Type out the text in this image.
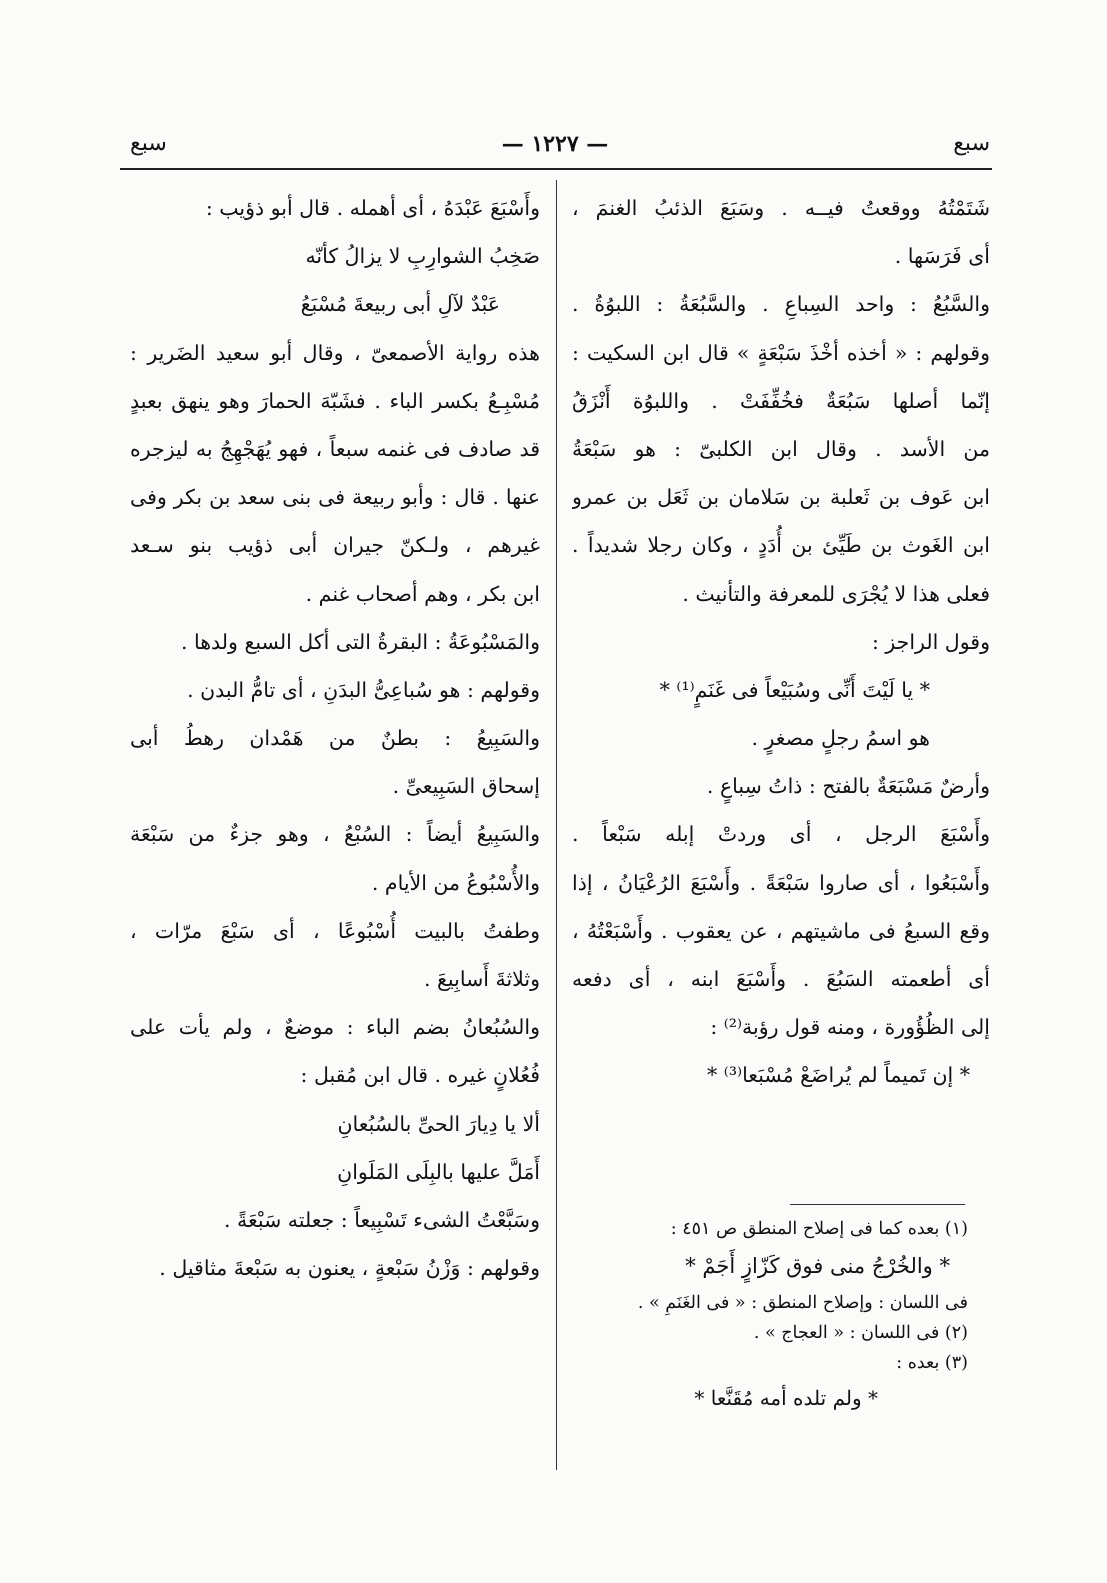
سبع
— ١٢٢٧ —
سبع
شَتَمْتُهُ ووقعتُ فيــه . وسَبَعَ الذئبُ الغنمَ ،
أى فَرَسَها .
والسَّبُعُ : واحد السِباعِ . والسَّبُعَةُ : اللبوُةُ .
وقولهم : « أخذه أخْذَ سَبْعَةٍ » قال ابن السكيت :
إنّما أصلها سَبُعَةٌ فخُفِّفَتْ . واللبوُة أَنْزَقُ
من الأسد . وقال ابن الكلبىّ : هو سَبْعَةُ
ابن عَوف بن ثَعلبة بن سَلامان بن ثَعَل بن عمرو
ابن الغَوث بن طَيِّئ بن أُدَدٍ ، وكان رجلا شديداً .
فعلى هذا لا يُجْرَى للمعرفة والتأنيث .
وقول الراجز :
* يا لَيْتَ أَنِّى وسُبَيْعاً فى غَنَمٍ⁽¹⁾ *
هو اسمُ رجلٍ مصغرٍ .
وأرضٌ مَسْبَعَةٌ بالفتح : ذاتُ سِباعٍ .
وأَسْبَعَ الرجل ، أى وردتْ إبله سَبْعاً .
وأَسْبَعُوا ، أى صاروا سَبْعَةً . وأَسْبَعَ الرُعْيَانُ ، إذا
وقع السبعُ فى ماشيتهم ، عن يعقوب . وأَسْبَعْتُهُ ،
أى أطعمته السَبُعَ . وأَسْبَعَ ابنه ، أى دفعه
إلى الظُؤُورة ، ومنه قول رؤبة⁽²⁾ :
* إن تَميماً لم يُراضَعْ مُسْبَعا⁽³⁾ *
وأَسْبَعَ عَبْدَهُ ، أى أهمله . قال أبو ذؤيب :
صَخِبُ الشوارِبِ لا يزالُ كأنّه
عَبْدٌ لآلِ أبى ربيعةَ مُسْبَعُ
هذه رواية الأصمعىّ ، وقال أبو سعيد الضَرير :
مُسْبِـعُ بكسر الباء . فشَبّهَ الحمارَ وهو ينهق بعبدٍ
قد صادف فى غنمه سبعاً ، فهو يُهَجْهِجُ به ليزجره
عنها . قال : وأبو ربيعة فى بنى سعد بن بكر وفى
غيرهم ، ولـكنّ جيران أبى ذؤيب بنو سـعد
ابن بكر ، وهم أصحاب غنم .
والمَسْبُوعَةُ : البقرةُ التى أكل السبع ولدها .
وقولهم : هو سُباعِىُّ البدَنِ ، أى تامُّ البدن .
والسَبِيعُ : بطنٌ من هَمْدان رهطُ أبى
إسحاق السَبِيعىِّ .
والسَبِيعُ أيضاً : السُبْعُ ، وهو جزءٌ من سَبْعَة
والأُسْبُوعُ من الأيام .
وطفتُ بالبيت أُسْبُوعًا ، أى سَبْعَ مرّات ،
وثلاثةَ أَسابِيعَ .
والسُبُعانُ بضم الباء : موضعٌ ، ولم يأت على
فُعُلانٍ غيره . قال ابن مُقبل :
ألا يا دِيارَ الحىِّ بالسُبُعانِ
أَمَلَّ عليها بالبِلَى المَلَوانِ
وسَبَّعْتُ الشىء تَسْبِيعاً : جعلته سَبْعَةً .
وقولهم : وَزْنُ سَبْعةٍ ، يعنون به سَبْعةَ مثاقيل .
(١) بعده كما فى إصلاح المنطق ص ٤٥١ :
* والخُرْجُ منى فوق كَزّازٍ أَجَمْ *
فى اللسان : وإصلاح المنطق : « فى الغَنَمِ » .
(٢) فى اللسان : « العجاج » .
(٣) بعده :
* ولم تلده أمه مُقَنَّعا *
